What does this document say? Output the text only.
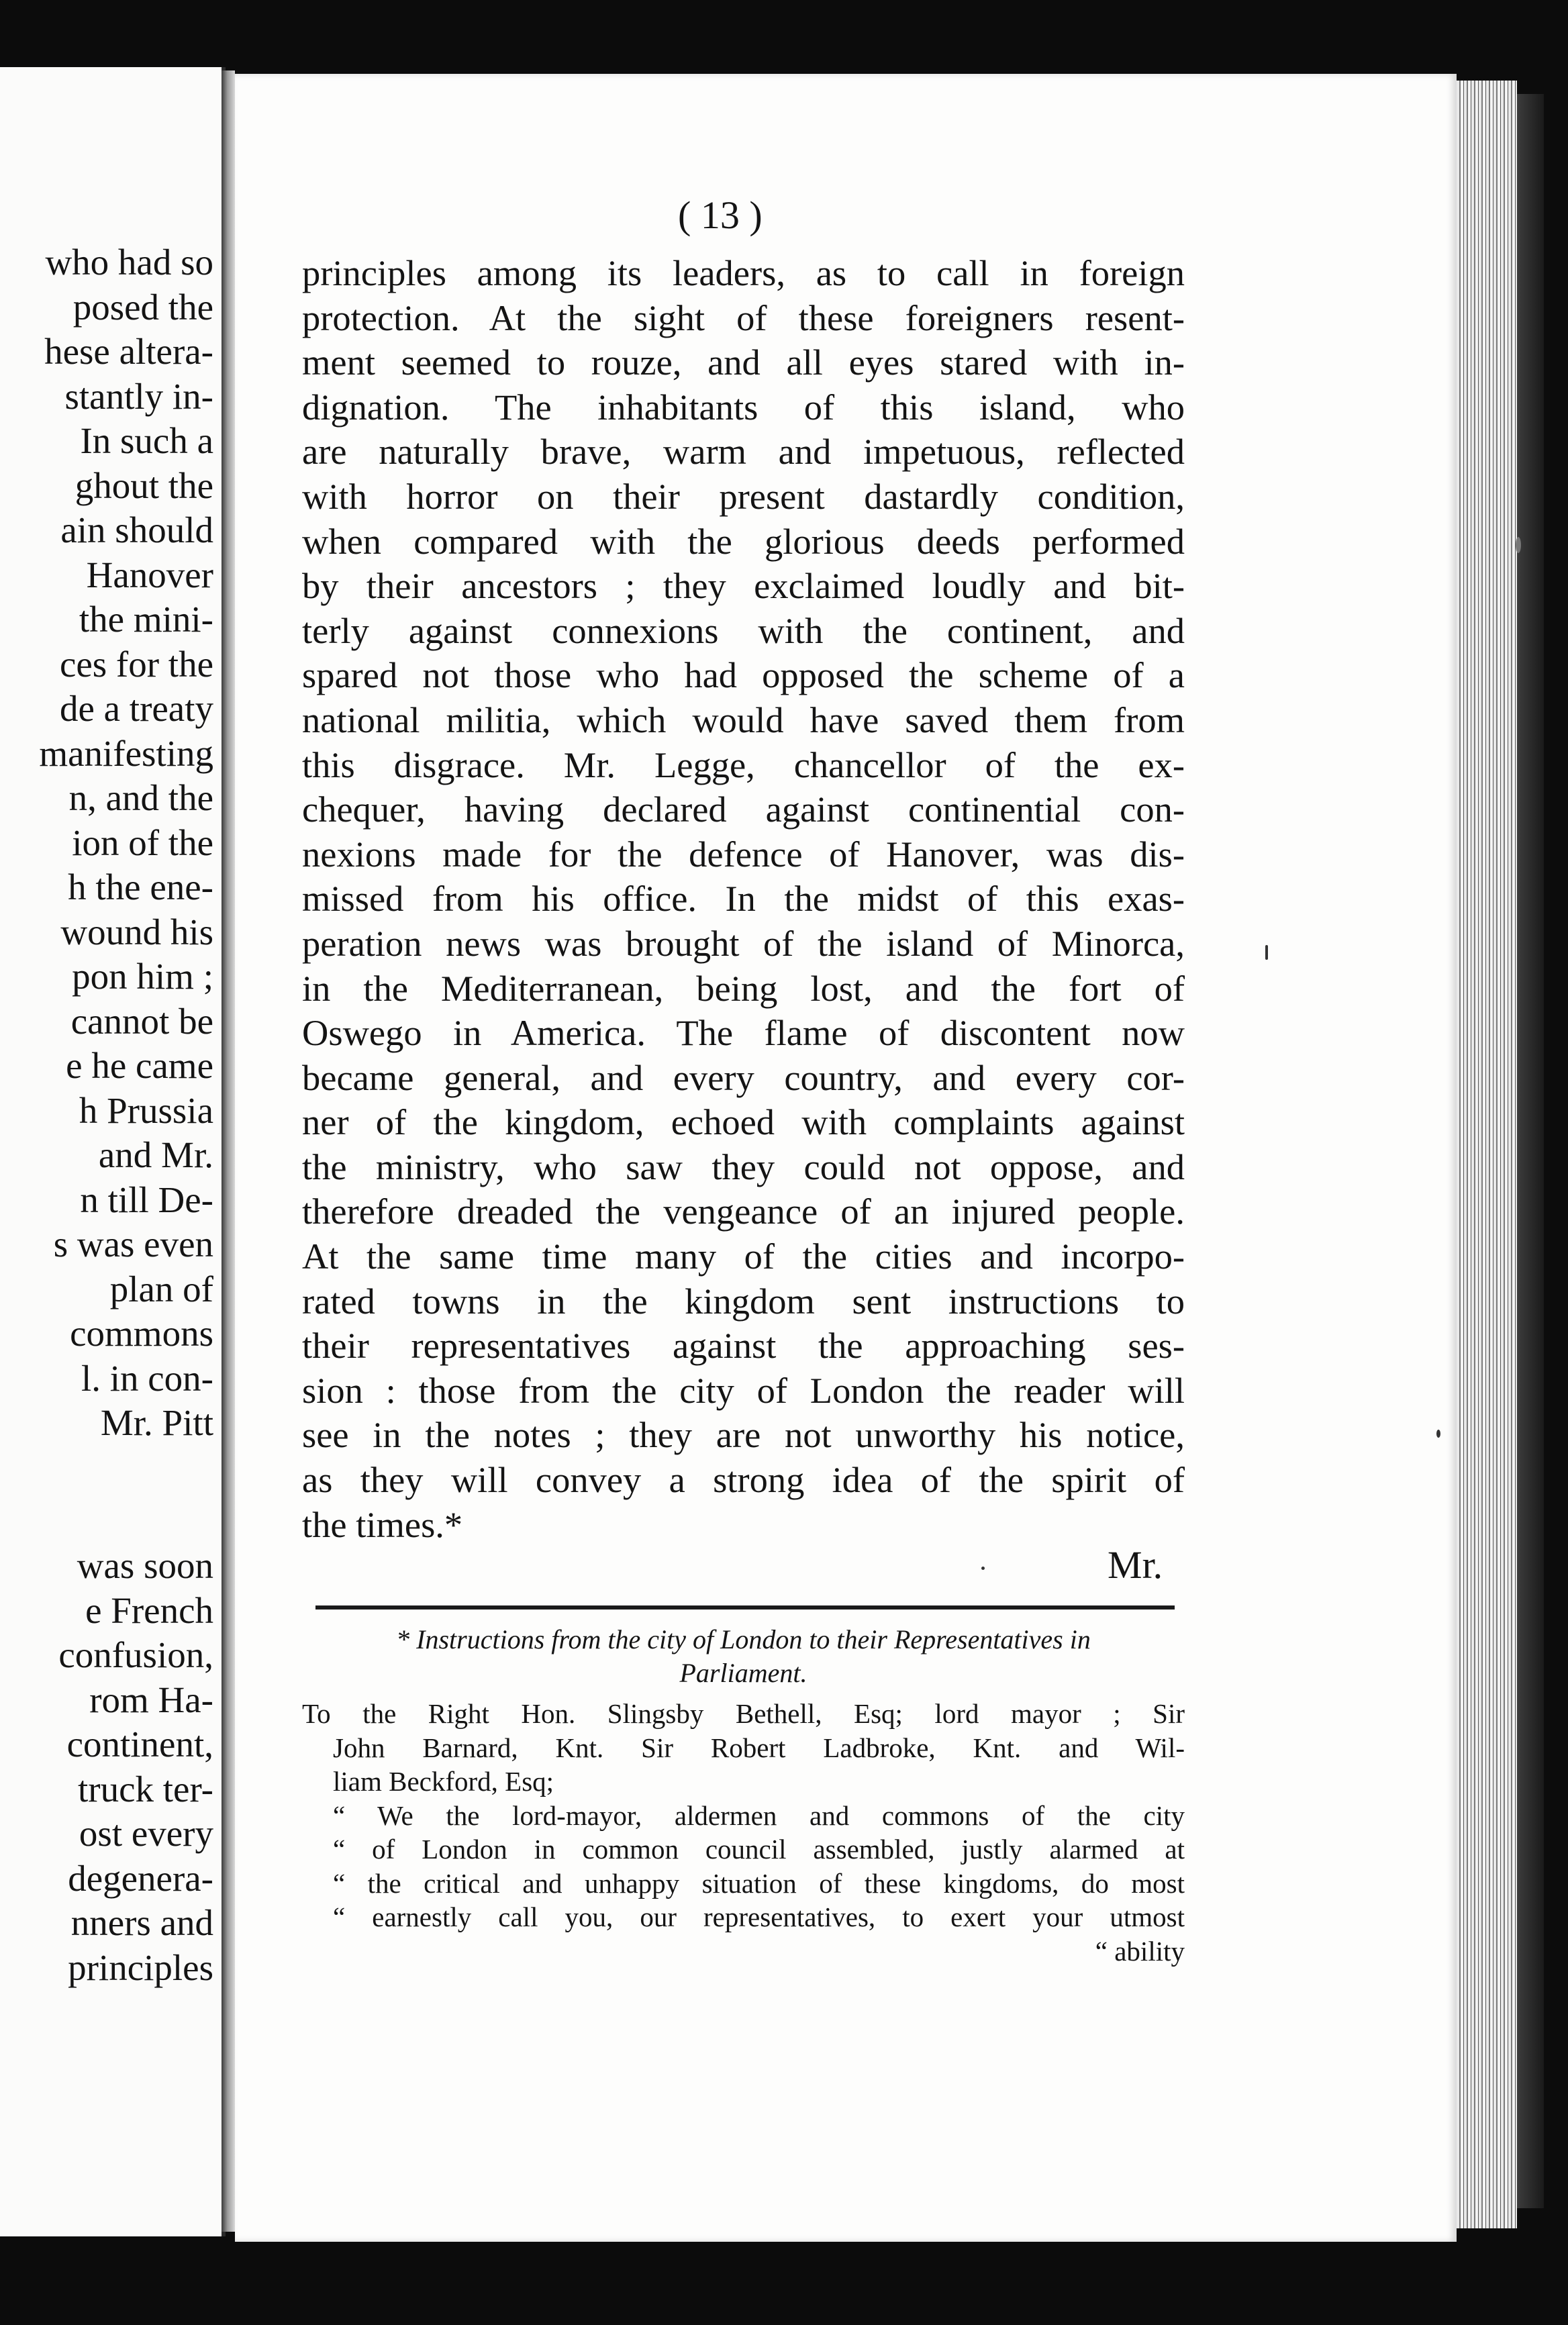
who had so
posed the
hese altera-
stantly in-
In such a
ghout the
ain should
Hanover
the mini-
ces for the
de a treaty
manifesting
n, and the
ion of the
h the ene-
wound his
pon him ;
cannot be
e he came
h Prussia
and Mr.
n till De-
s was even
plan of
commons
l. in con-
Mr. Pitt
was soon
e French
confusion,
rom Ha-
continent,
truck ter-
ost every
degenera-
nners and
principles
( 13 )
principles among its leaders, as to call in foreign
protection. At the sight of these foreigners resent-
ment seemed to rouze, and all eyes stared with in-
dignation. The inhabitants of this island, who
are naturally brave, warm and impetuous, reflected
with horror on their present dastardly condition,
when compared with the glorious deeds performed
by their ancestors ; they exclaimed loudly and bit-
terly against connexions with the continent, and
spared not those who had opposed the scheme of a
national militia, which would have saved them from
this disgrace. Mr. Legge, chancellor of the ex-
chequer, having declared against continential con-
nexions made for the defence of Hanover, was dis-
missed from his office. In the midst of this exas-
peration news was brought of the island of Minorca,
in the Mediterranean, being lost, and the fort of
Oswego in America. The flame of discontent now
became general, and every country, and every cor-
ner of the kingdom, echoed with complaints against
the ministry, who saw they could not oppose, and
therefore dreaded the vengeance of an injured people.
At the same time many of the cities and incorpo-
rated towns in the kingdom sent instructions to
their representatives against the approaching ses-
sion : those from the city of London the reader will
see in the notes ; they are not unworthy his notice,
as they will convey a strong idea of the spirit of
the times.*
Mr.
* Instructions from the city of London to their Representatives in
Parliament.
To the Right Hon. Slingsby Bethell, Esq; lord mayor ; Sir
John Barnard, Knt. Sir Robert Ladbroke, Knt. and Wil-
liam Beckford, Esq;
“ We the lord-mayor, aldermen and commons of the city
“ of London in common council assembled, justly alarmed at
“ the critical and unhappy situation of these kingdoms, do most
“ earnestly call you, our representatives, to exert your utmost
“ ability
